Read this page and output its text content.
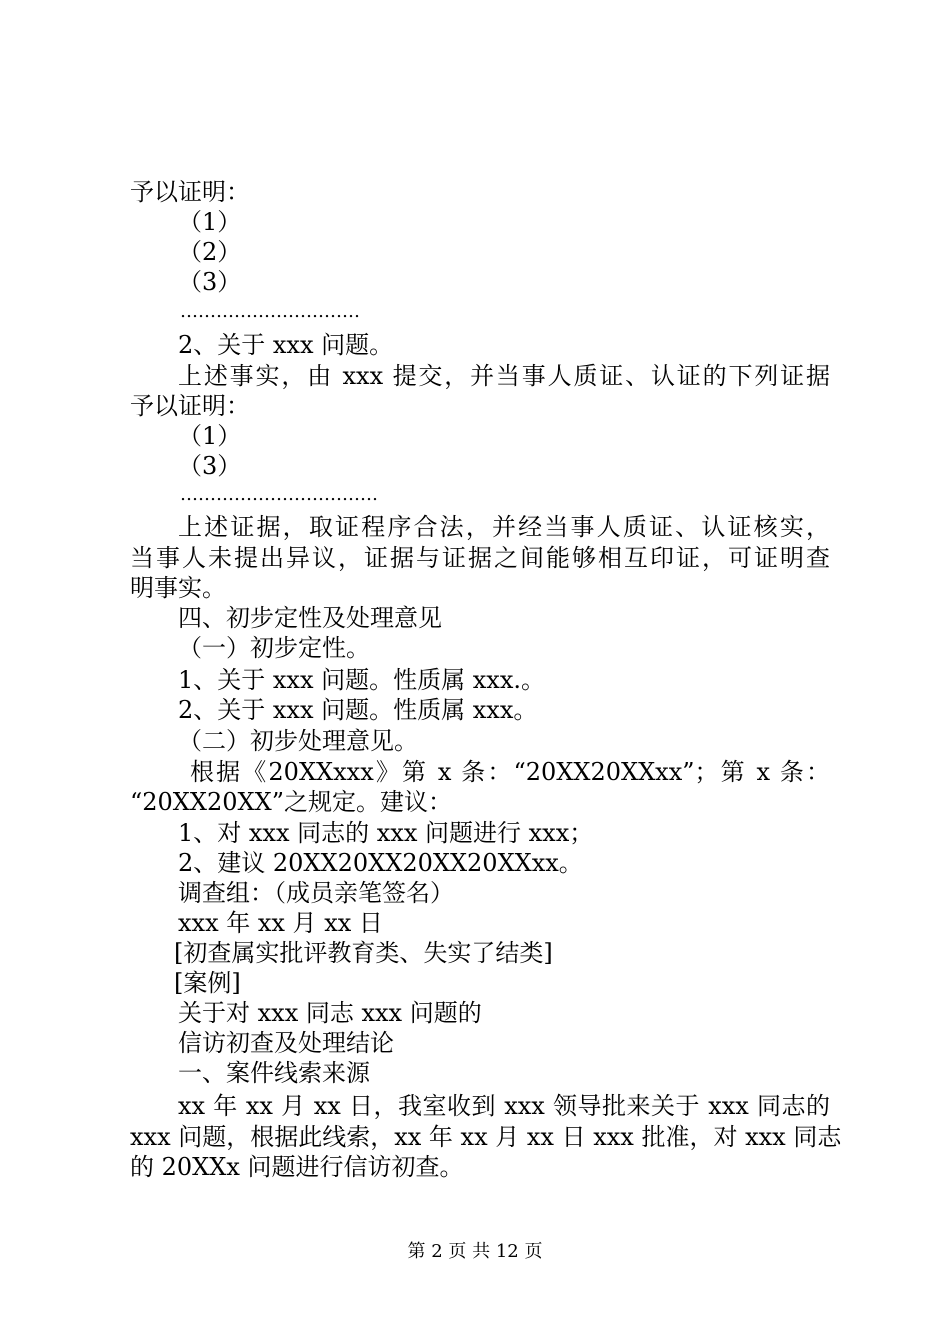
予以证明：
（1）
（2）
（3）
…………………………
2、关于 xxx 问题。
上述事实，由 xxx 提交，并当事人质证、认证的下列证据
予以证明：
（1）
（3）
……………………………
上述证据，取证程序合法，并经当事人质证、认证核实，
当事人未提出异议，证据与证据之间能够相互印证，可证明查
明事实。
四、初步定性及处理意见
（一）初步定性。
1、关于 xxx 问题。性质属 xxx.。
2、关于 xxx 问题。性质属 xxx。
（二）初步处理意见。
根据《20XXxxx》第 x 条：“20XX20XXxx”；第 x 条：
“20XX20XX”之规定。建议：
1、对 xxx 同志的 xxx 问题进行 xxx；
2、建议 20XX20XX20XX20XXxx。
调查组：（成员亲笔签名）
xxx 年 xx 月 xx 日
[初查属实批评教育类、失实了结类]
[案例]
关于对 xxx 同志 xxx 问题的
信访初查及处理结论
一、案件线索来源
xx 年 xx 月 xx 日，我室收到 xxx 领导批来关于 xxx 同志的
xxx 问题，根据此线索，xx 年 xx 月 xx 日 xxx 批准，对 xxx 同志
的 20XXx 问题进行信访初查。
第 2 页 共 12 页
